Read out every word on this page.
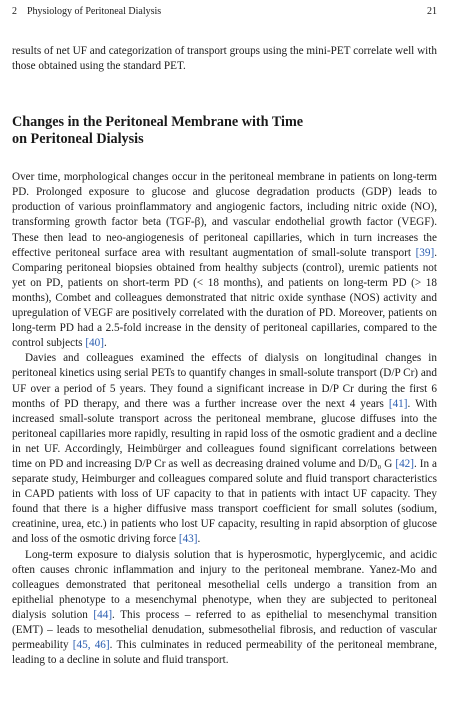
2 Physiology of Peritoneal Dialysis	21

results of net UF and categorization of transport groups using the mini-PET correlate well with those obtained using the standard PET.

Changes in the Peritoneal Membrane with Time
on Peritoneal Dialysis

Over time, morphological changes occur in the peritoneal membrane in patients on long-term PD. Prolonged exposure to glucose and glucose degradation products (GDP) leads to production of various proinflammatory and angiogenic factors, including nitric oxide (NO), transforming growth factor beta (TGF-β), and vascular endothelial growth factor (VEGF). These then lead to neo-angiogenesis of peritoneal capillaries, which in turn increases the effective peritoneal surface area with resultant augmentation of small-solute transport [39]. Comparing peritoneal biopsies obtained from healthy subjects (control), uremic patients not yet on PD, patients on short-term PD (< 18 months), and patients on long-term PD (> 18 months), Combet and colleagues demonstrated that nitric oxide synthase (NOS) activity and upregulation of VEGF are positively correlated with the duration of PD. Moreover, patients on long-term PD had a 2.5-fold increase in the density of peritoneal capillaries, compared to the control subjects [40].

Davies and colleagues examined the effects of dialysis on longitudinal changes in peritoneal kinetics using serial PETs to quantify changes in small-solute transport (D/P Cr) and UF over a period of 5 years. They found a significant increase in D/P Cr during the first 6 months of PD therapy, and there was a further increase over the next 4 years [41]. With increased small-solute transport across the peritoneal membrane, glucose diffuses into the peritoneal capillaries more rapidly, resulting in rapid loss of the osmotic gradient and a decline in net UF. Accordingly, Heimbürger and colleagues found significant correlations between time on PD and increasing D/P Cr as well as decreasing drained volume and D/D₀ G [42]. In a separate study, Heimburger and colleagues compared solute and fluid transport characteristics in CAPD patients with loss of UF capacity to that in patients with intact UF capacity. They found that there is a higher diffusive mass transport coefficient for small solutes (sodium, creatinine, urea, etc.) in patients who lost UF capacity, resulting in rapid absorption of glucose and loss of the osmotic driving force [43].

Long-term exposure to dialysis solution that is hyperosmotic, hyperglycemic, and acidic often causes chronic inflammation and injury to the peritoneal membrane. Yanez-Mo and colleagues demonstrated that peritoneal mesothelial cells undergo a transition from an epithelial phenotype to a mesenchymal phenotype, when they are subjected to peritoneal dialysis solution [44]. This process – referred to as epithelial to mesenchymal transition (EMT) – leads to mesothelial denudation, submesothelial fibrosis, and reduction of vascular permeability [45, 46]. This culminates in reduced permeability of the peritoneal membrane, leading to a decline in solute and fluid transport.
